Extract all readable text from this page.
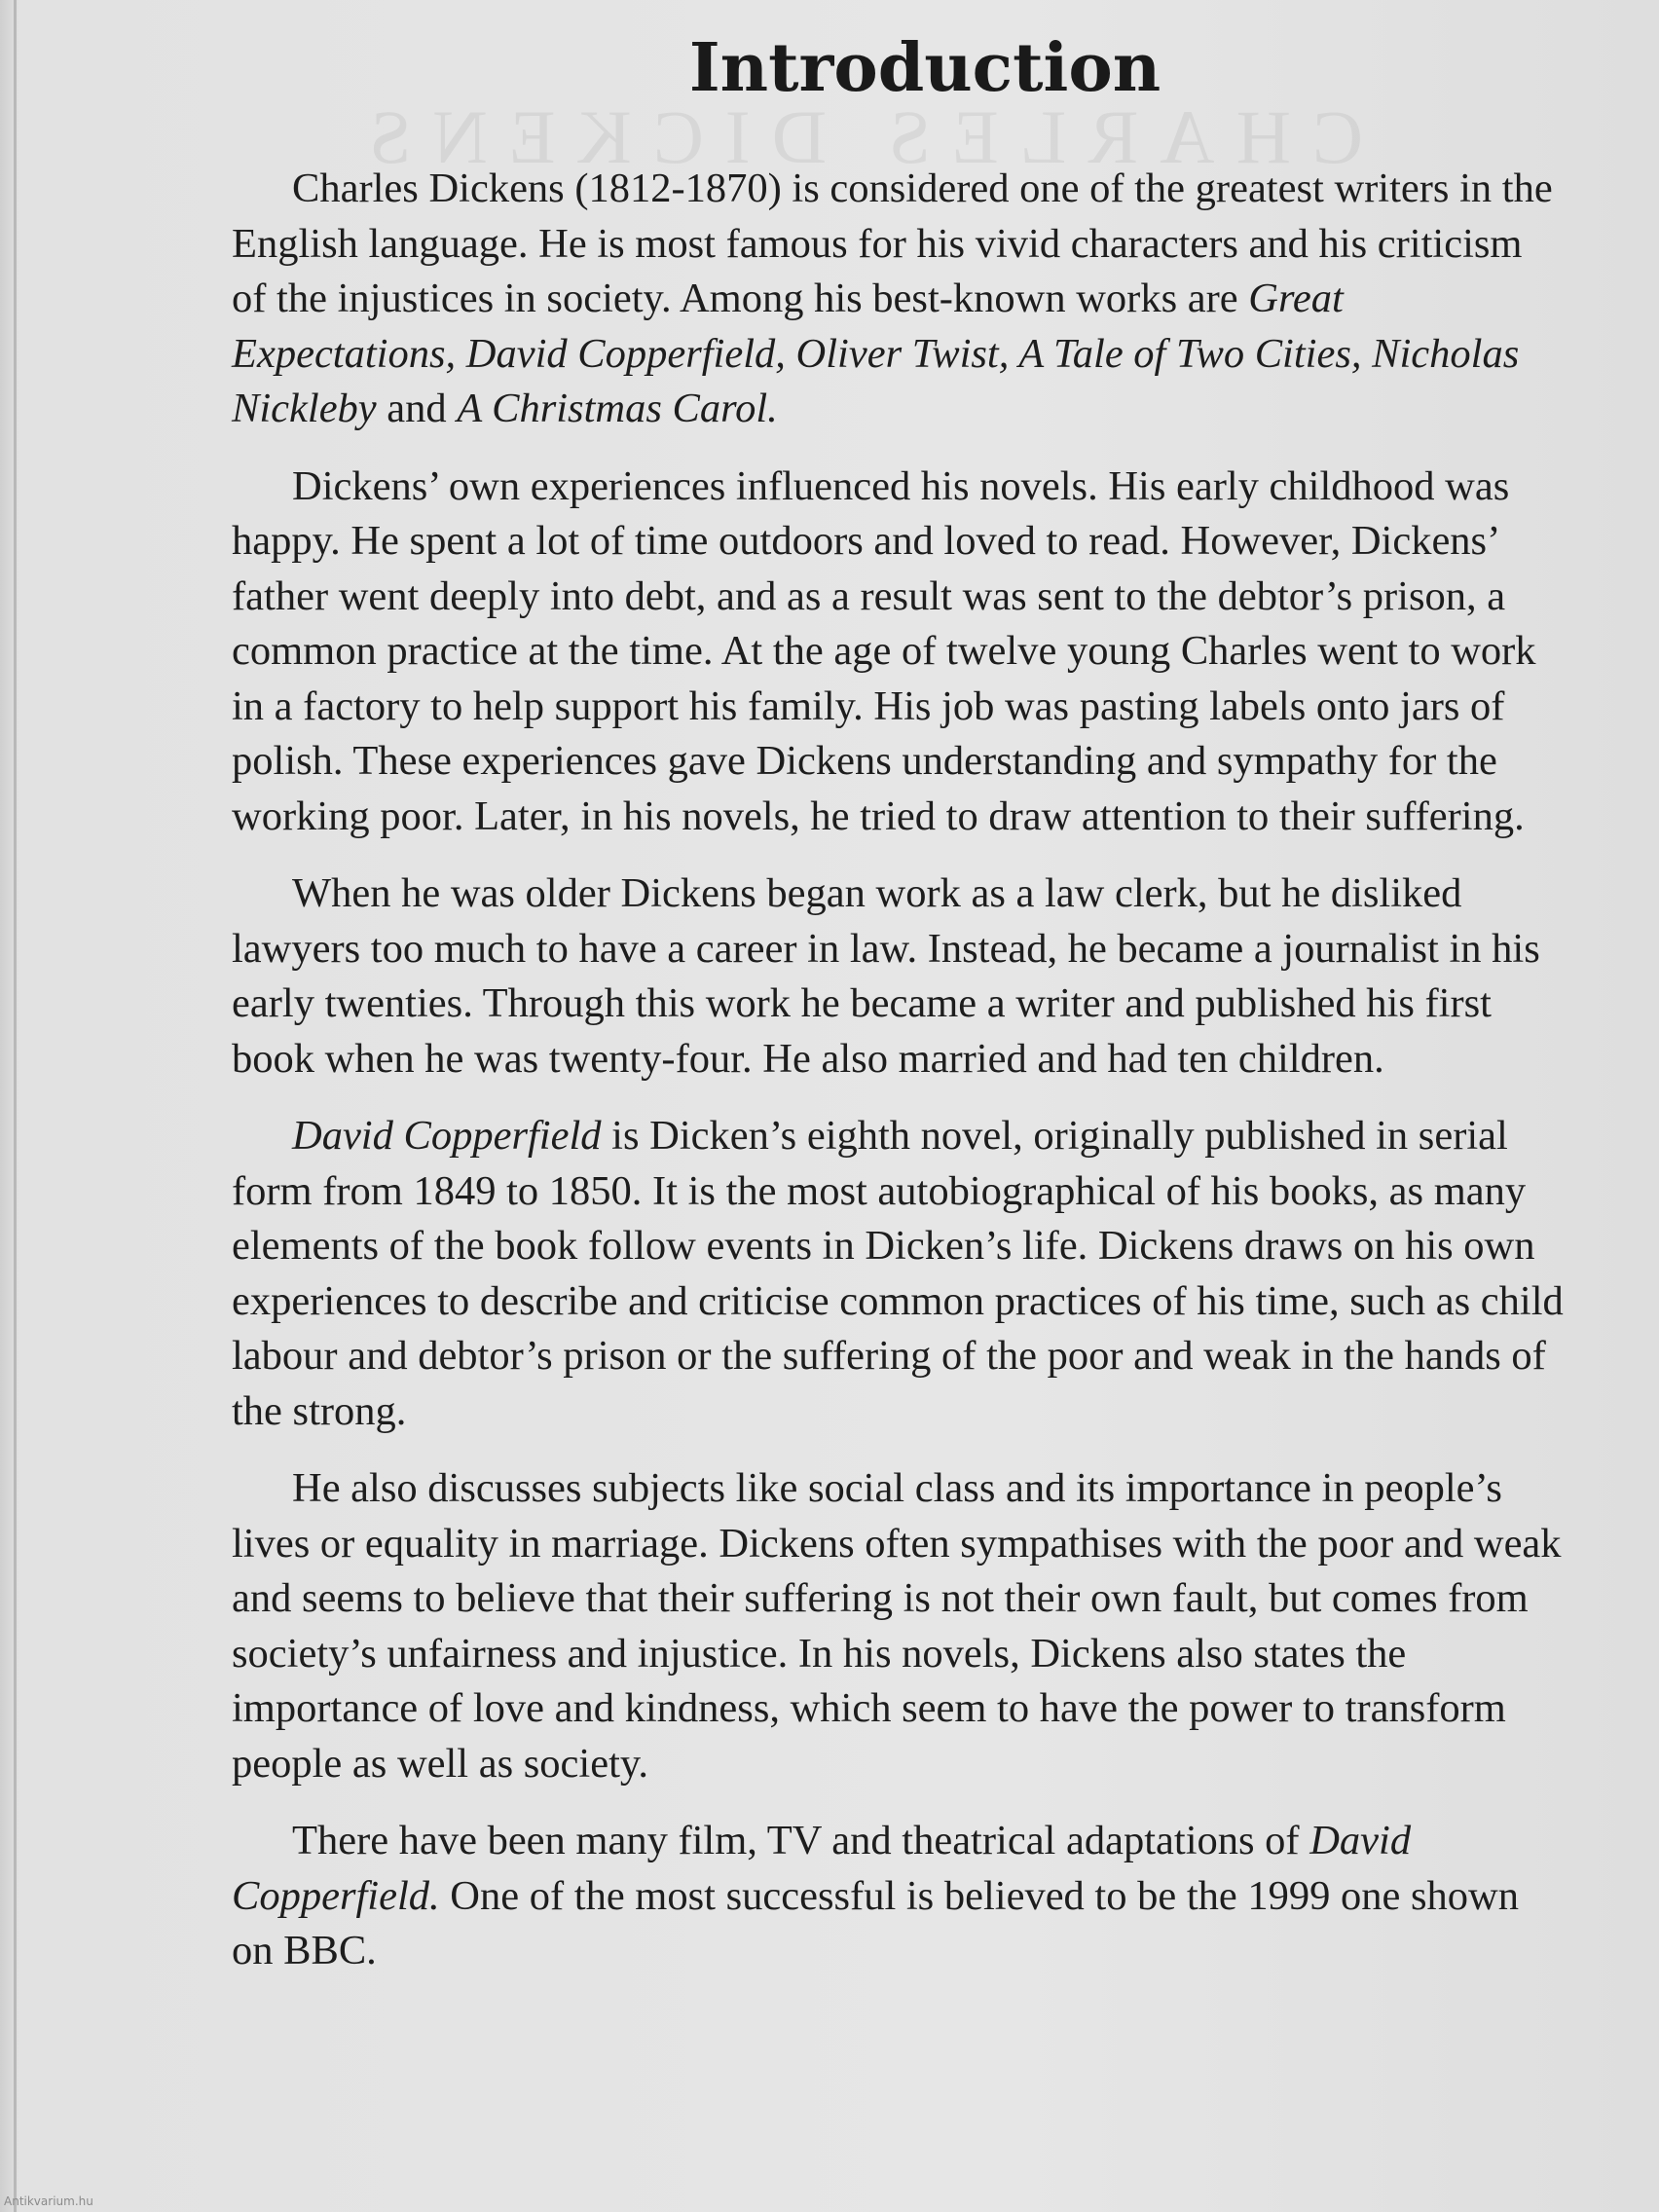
CHARLES DICKENS
Introduction

Charles Dickens (1812-1870) is considered one of the greatest writers in the English language. He is most famous for his vivid characters and his criticism of the injustices in society. Among his best-known works are Great Expectations, David Copperfield, Oliver Twist, A Tale of Two Cities, Nicholas Nickleby and A Christmas Carol.

Dickens’ own experiences influenced his novels. His early childhood was happy. He spent a lot of time outdoors and loved to read. However, Dickens’ father went deeply into debt, and as a result was sent to the debtor’s prison, a common practice at the time. At the age of twelve young Charles went to work in a factory to help support his family. His job was pasting labels onto jars of polish. These experiences gave Dickens understanding and sympathy for the working poor. Later, in his novels, he tried to draw attention to their suffering.

When he was older Dickens began work as a law clerk, but he disliked lawyers too much to have a career in law. Instead, he became a journalist in his early twenties. Through this work he became a writer and published his first book when he was twenty-four. He also married and had ten children.

David Copperfield is Dicken’s eighth novel, originally published in serial form from 1849 to 1850. It is the most autobiographical of his books, as many elements of the book follow events in Dicken’s life. Dickens draws on his own experiences to describe and criticise common practices of his time, such as child labour and debtor’s prison or the suffering of the poor and weak in the hands of the strong.

He also discusses subjects like social class and its importance in people’s lives or equality in marriage. Dickens often sympathises with the poor and weak and seems to believe that their suffering is not their own fault, but comes from society’s unfairness and injustice. In his novels, Dickens also states the importance of love and kindness, which seem to have the power to transform people as well as society.

There have been many film, TV and theatrical adaptations of David Copperfield. One of the most successful is believed to be the 1999 one shown on BBC.

Antikvarium.hu
